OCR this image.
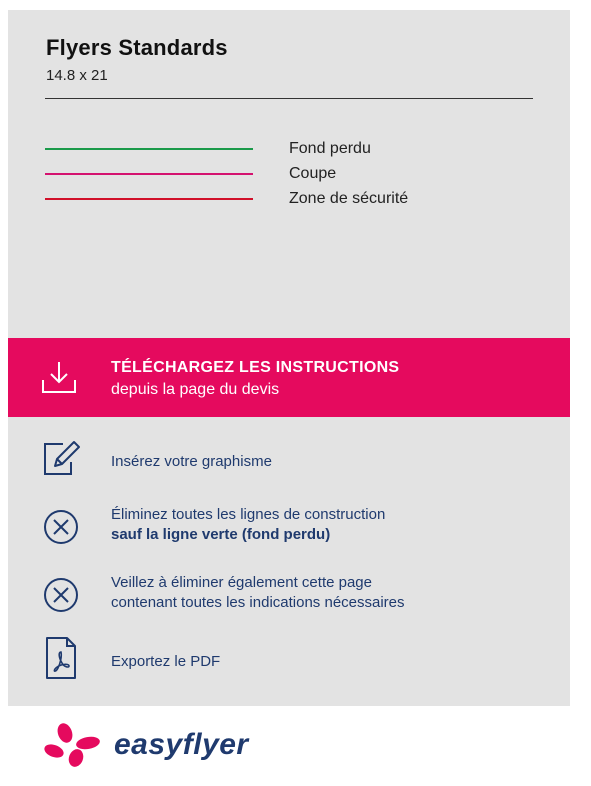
Flyers Standards
14.8 x 21
Fond perdu
Coupe
Zone de sécurité
TÉLÉCHARGEZ LES INSTRUCTIONS
depuis la page du devis
Insérez votre graphisme
Éliminez toutes les lignes de construction
sauf la ligne verte (fond perdu)
Veillez à éliminer également cette page
contenant toutes les indications nécessaires
Exportez le PDF
easyflyer
